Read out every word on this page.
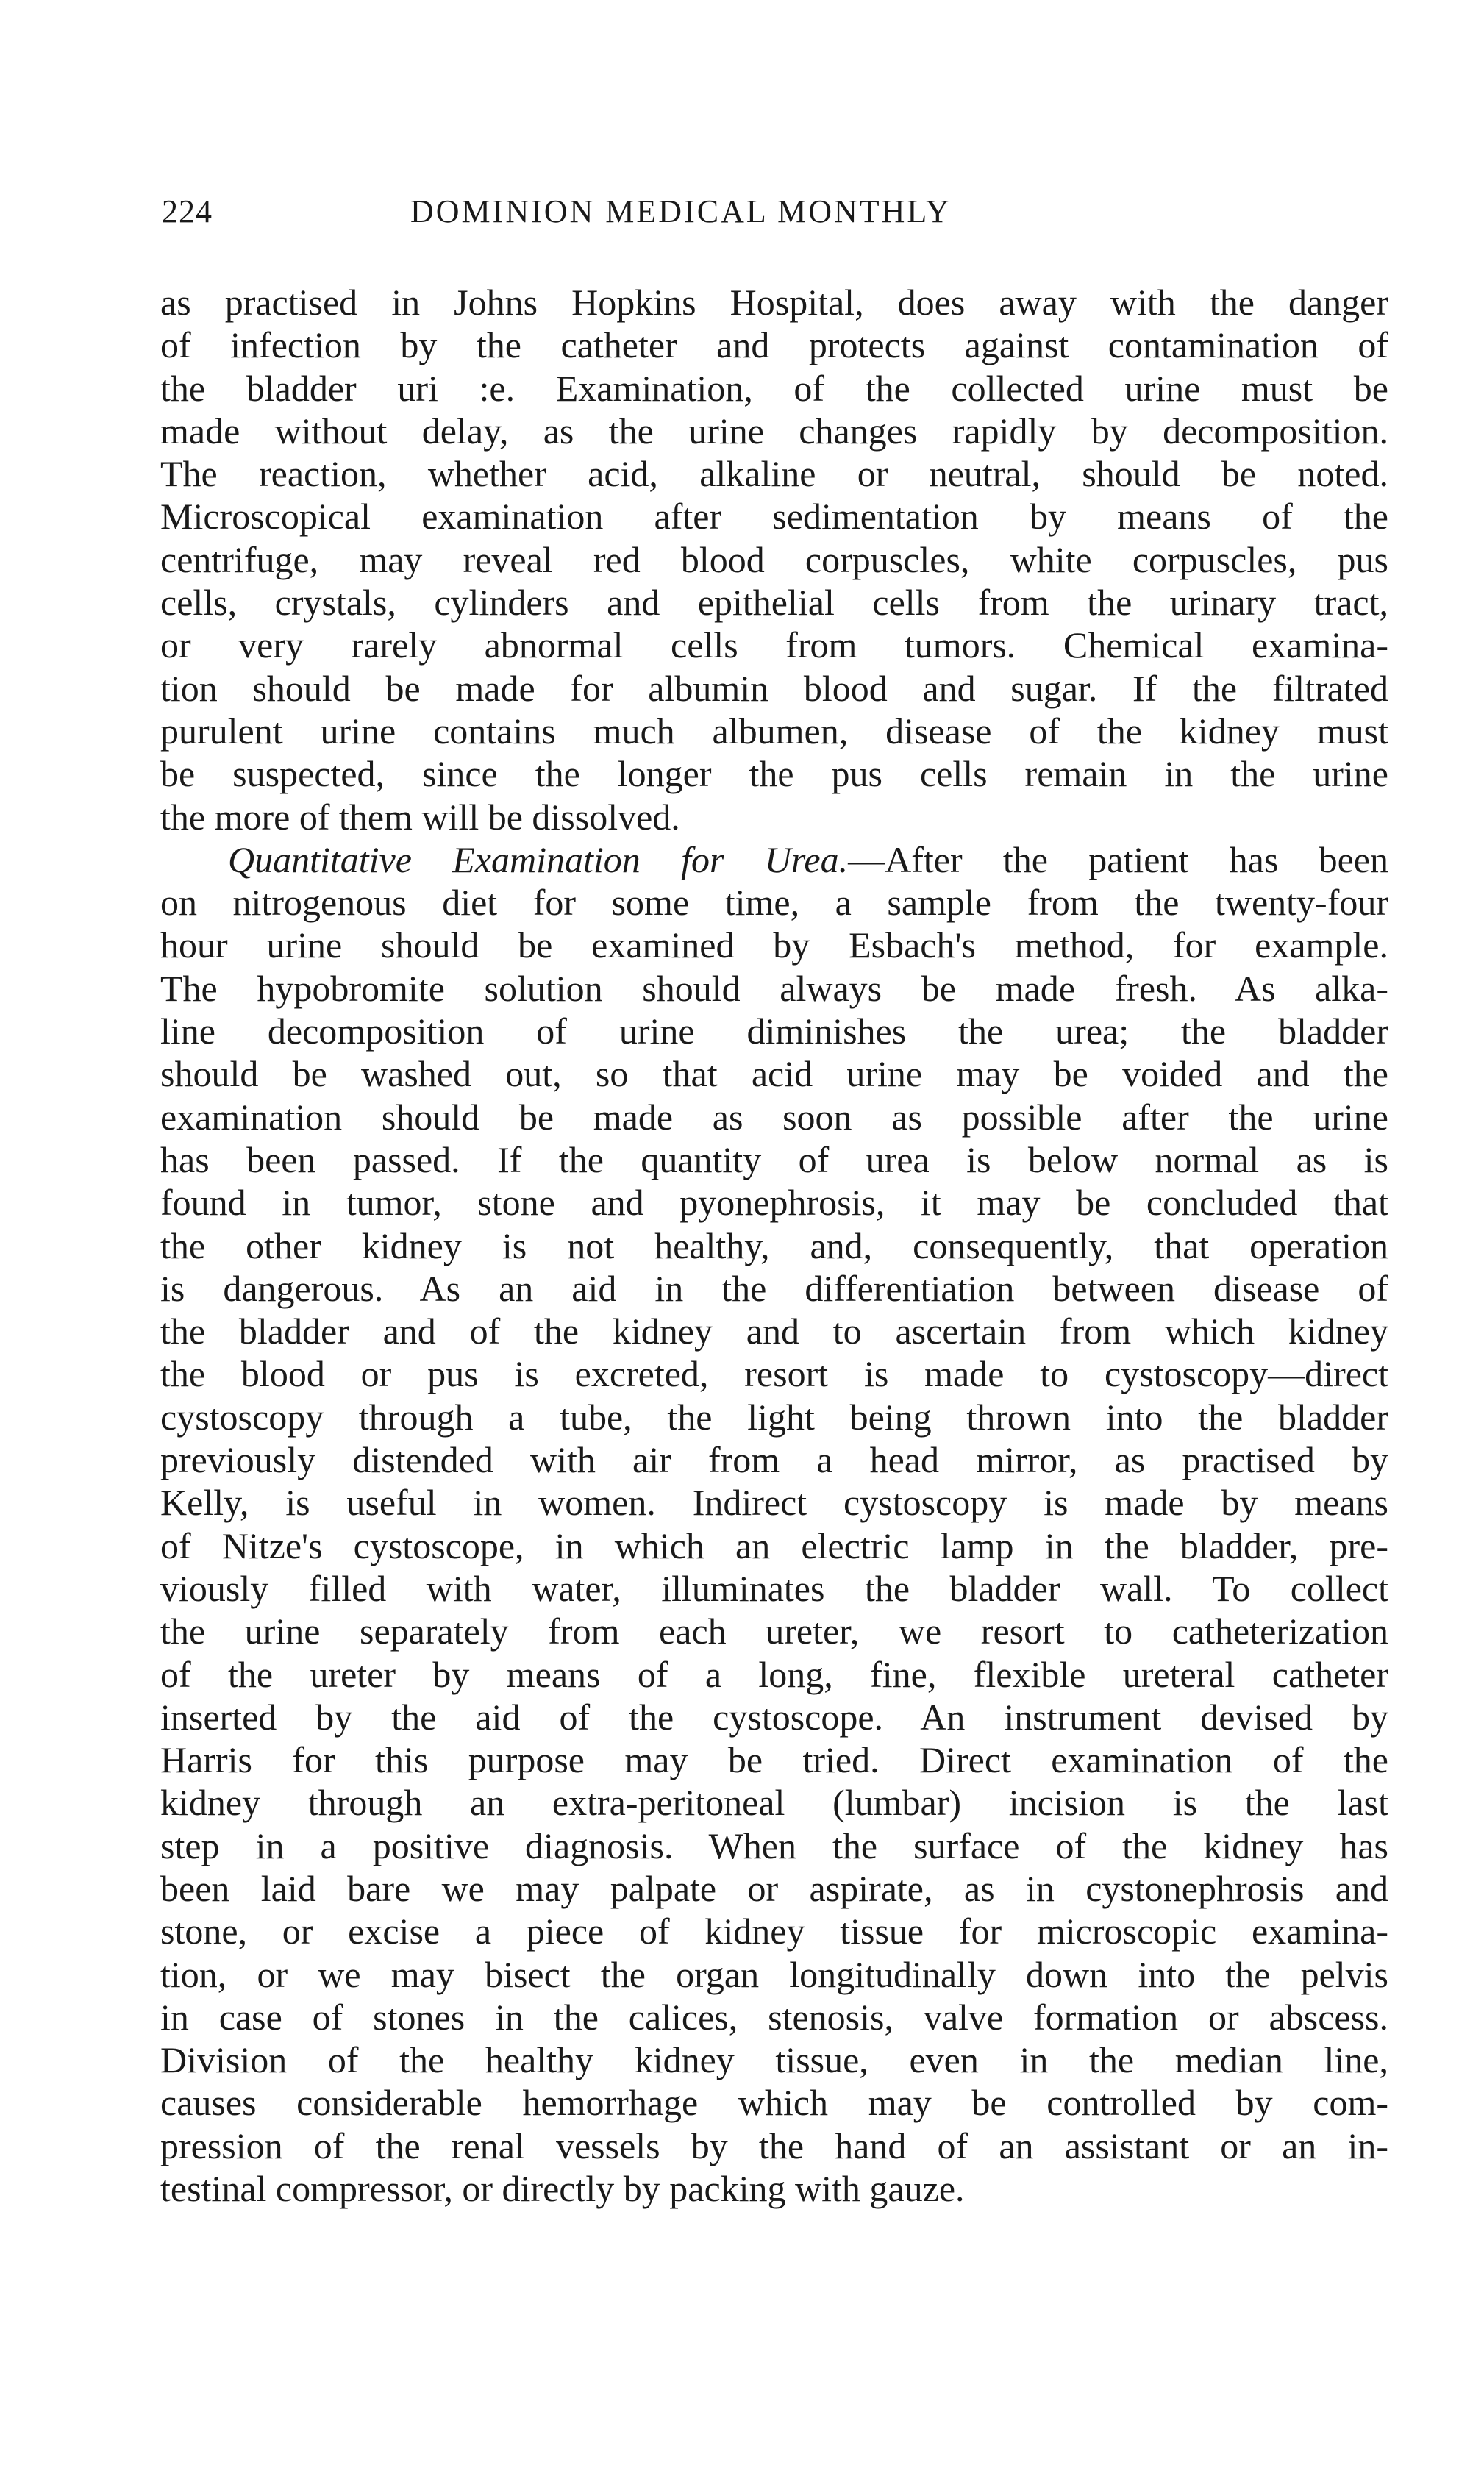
224	DOMINION MEDICAL MONTHLY
as practised in Johns Hopkins Hospital, does away with the danger
of infection by the catheter and protects against contamination of
the bladder uri :e. Examination, of the collected urine must be
made without delay, as the urine changes rapidly by decomposition.
The reaction, whether acid, alkaline or neutral, should be noted.
Microscopical examination after sedimentation by means of the
centrifuge, may reveal red blood corpuscles, white corpuscles, pus
cells, crystals, cylinders and epithelial cells from the urinary tract,
or very rarely abnormal cells from tumors. Chemical examina-
tion should be made for albumin blood and sugar. If the filtrated
purulent urine contains much albumen, disease of the kidney must
be suspected, since the longer the pus cells remain in the urine
the more of them will be dissolved.
Quantitative Examination for Urea.—After the patient has been
on nitrogenous diet for some time, a sample from the twenty-four
hour urine should be examined by Esbach's method, for example.
The hypobromite solution should always be made fresh. As alka-
line decomposition of urine diminishes the urea; the bladder
should be washed out, so that acid urine may be voided and the
examination should be made as soon as possible after the urine
has been passed. If the quantity of urea is below normal as is
found in tumor, stone and pyonephrosis, it may be concluded that
the other kidney is not healthy, and, consequently, that operation
is dangerous. As an aid in the differentiation between disease of
the bladder and of the kidney and to ascertain from which kidney
the blood or pus is excreted, resort is made to cystoscopy—direct
cystoscopy through a tube, the light being thrown into the bladder
previously distended with air from a head mirror, as practised by
Kelly, is useful in women. Indirect cystoscopy is made by means
of Nitze's cystoscope, in which an electric lamp in the bladder, pre-
viously filled with water, illuminates the bladder wall. To collect
the urine separately from each ureter, we resort to catheterization
of the ureter by means of a long, fine, flexible ureteral catheter
inserted by the aid of the cystoscope. An instrument devised by
Harris for this purpose may be tried. Direct examination of the
kidney through an extra-peritoneal (lumbar) incision is the last
step in a positive diagnosis. When the surface of the kidney has
been laid bare we may palpate or aspirate, as in cystonephrosis and
stone, or excise a piece of kidney tissue for microscopic examina-
tion, or we may bisect the organ longitudinally down into the pelvis
in case of stones in the calices, stenosis, valve formation or abscess.
Division of the healthy kidney tissue, even in the median line,
causes considerable hemorrhage which may be controlled by com-
pression of the renal vessels by the hand of an assistant or an in-
testinal compressor, or directly by packing with gauze.
